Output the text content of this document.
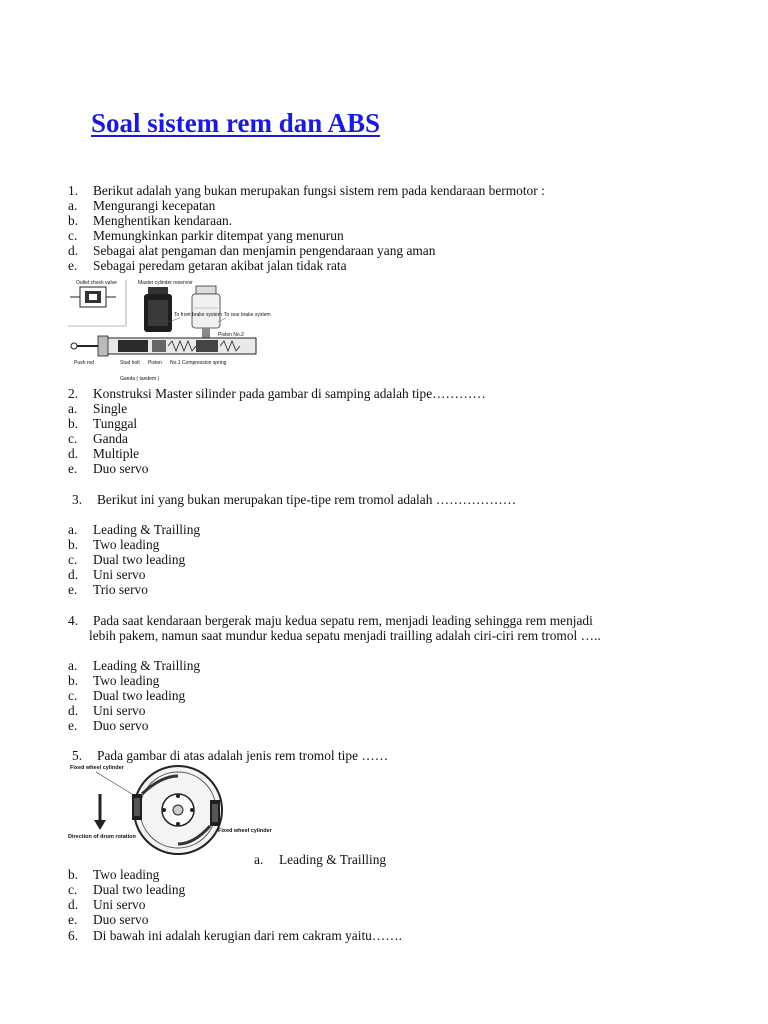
Soal sistem rem dan ABS
1. Berikut adalah yang bukan merupakan fungsi sistem rem pada kendaraan bermotor :
a. Mengurangi kecepatan
b. Menghentikan kendaraan.
c. Memungkinkan parkir ditempat yang menurun
d. Sebagai alat pengaman dan menjamin pengendaraan yang aman
e. Sebagai peredam getaran akibat jalan tidak rata
Outlet check valve	Master cylinder reservoir
To front brake system To rear brake system
Piston No.2
Push rod	Stud bolt Piston No.1 Compression spring
Ganda ( tandem )
2. Konstruksi Master silinder pada gambar di samping adalah tipe…………
a. Single
b. Tunggal
c. Ganda
d. Multiple
e. Duo servo
3. Berikut ini yang bukan merupakan tipe-tipe rem tromol adalah ………………
a. Leading & Trailling
b. Two leading
c. Dual two leading
d. Uni servo
e. Trio servo
4. Pada saat kendaraan bergerak maju kedua sepatu rem, menjadi leading sehingga rem menjadi
lebih pakem, namun saat mundur kedua sepatu menjadi trailling adalah ciri-ciri rem tromol …..
a. Leading & Trailling
b. Two leading
c. Dual two leading
d. Uni servo
e. Duo servo
5. Pada gambar di atas adalah jenis rem tromol tipe ……
Fixed wheel cylinder
Direction of drum rotation
Fixed wheel cylinder
a. Leading & Trailling
b. Two leading
c. Dual two leading
d. Uni servo
e. Duo servo
6. Di bawah ini adalah kerugian dari rem cakram yaitu…….
